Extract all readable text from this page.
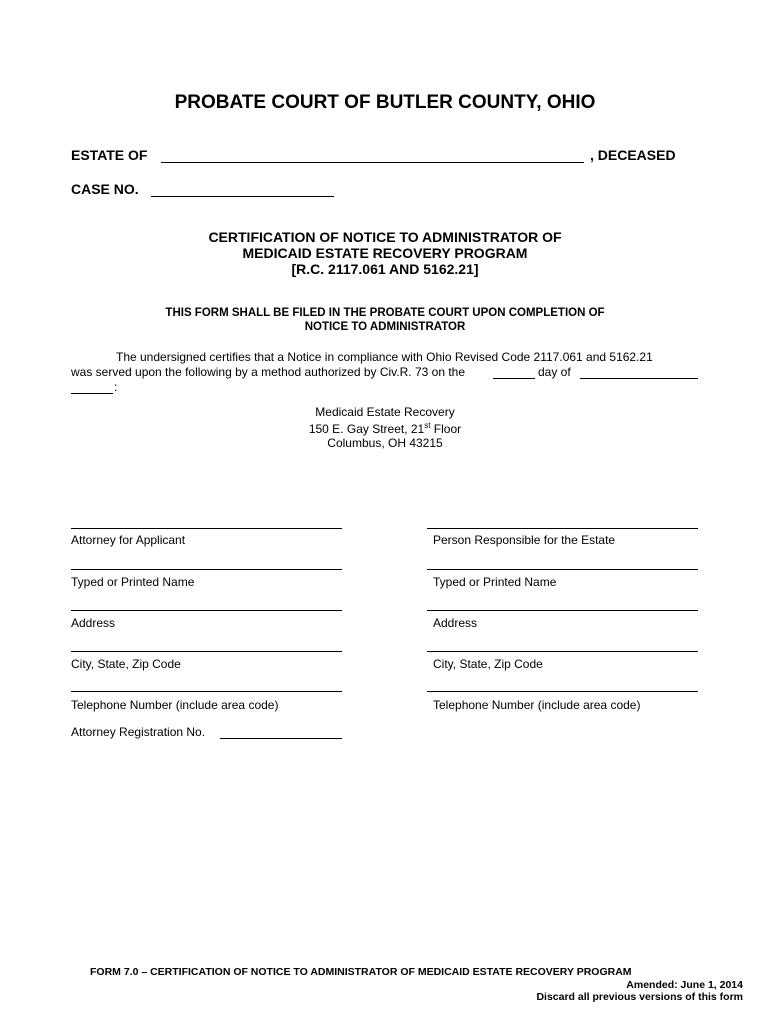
PROBATE COURT OF BUTLER COUNTY, OHIO
ESTATE OF	, DECEASED
CASE NO.
CERTIFICATION OF NOTICE TO ADMINISTRATOR OF
MEDICAID ESTATE RECOVERY PROGRAM
[R.C. 2117.061 AND 5162.21]
THIS FORM SHALL BE FILED IN THE PROBATE COURT UPON COMPLETION OF
NOTICE TO ADMINISTRATOR
The undersigned certifies that a Notice in compliance with Ohio Revised Code 2117.061 and 5162.21
was served upon the following by a method authorized by Civ.R. 73 on the	day of
:
Medicaid Estate Recovery
150 E. Gay Street, 21st Floor
Columbus, OH 43215
Attorney for Applicant
Typed or Printed Name
Address
City, State, Zip Code
Telephone Number (include area code)
Attorney Registration No.
Person Responsible for the Estate
Typed or Printed Name
Address
City, State, Zip Code
Telephone Number (include area code)
FORM 7.0 – CERTIFICATION OF NOTICE TO ADMINISTRATOR OF MEDICAID ESTATE RECOVERY PROGRAM
Amended: June 1, 2014
Discard all previous versions of this form
